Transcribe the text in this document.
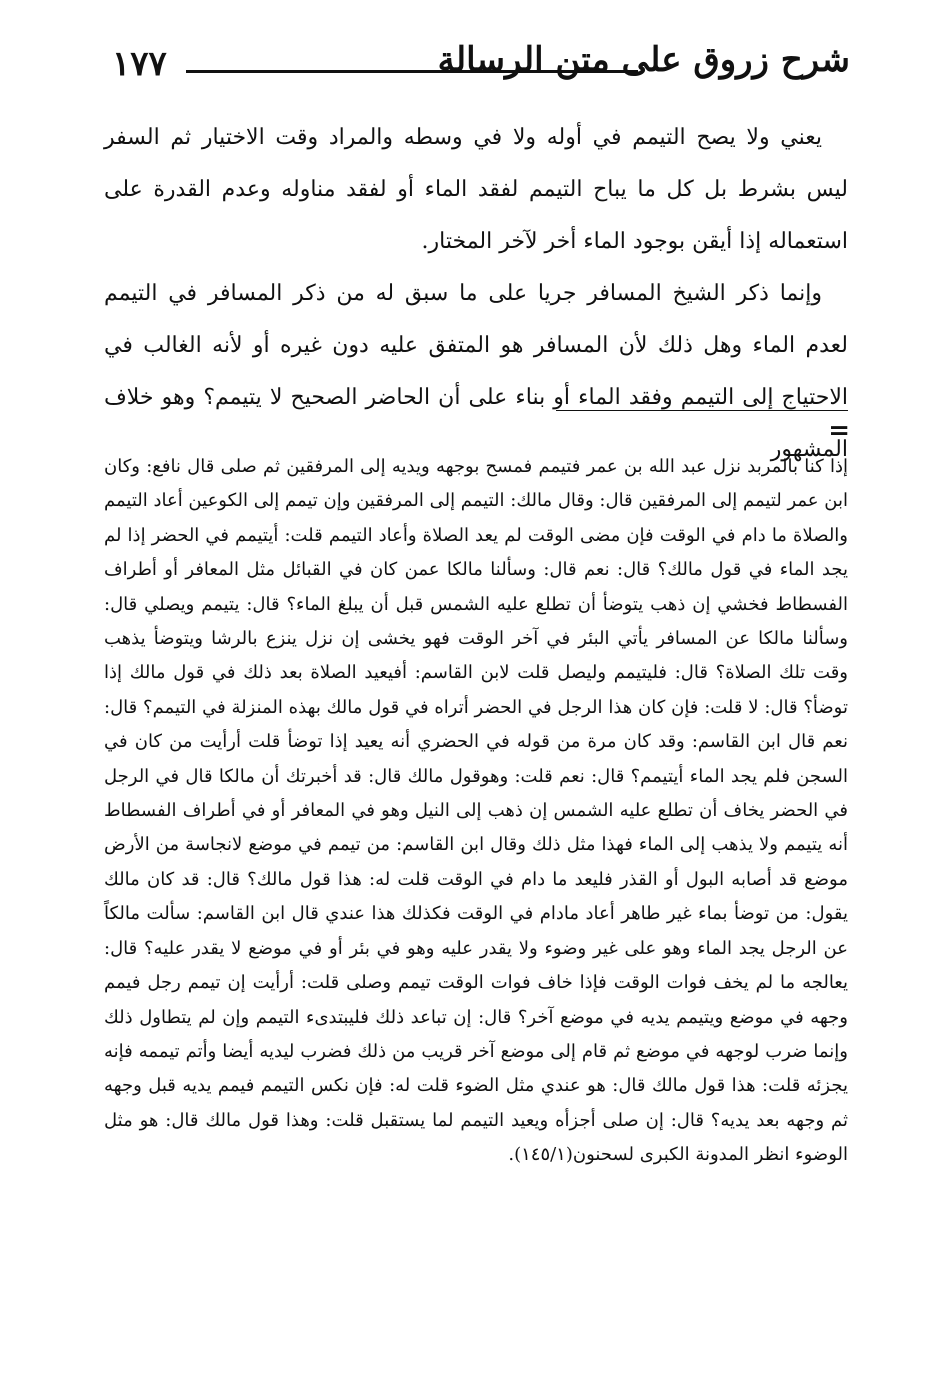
١٧٧	شرح زروق على متن الرسالة

يعني ولا يصح التيمم في أوله ولا في وسطه والمراد وقت الاختيار ثم السفر ليس بشرط بل كل ما يباح التيمم لفقد الماء أو لفقد مناوله وعدم القدرة على استعماله إذا أيقن بوجود الماء أخر لآخر المختار.

وإنما ذكر الشيخ المسافر جريا على ما سبق له من ذكر المسافر في التيمم لعدم الماء وهل ذلك لأن المسافر هو المتفق عليه دون غيره أو لأنه الغالب في الاحتياج إلى التيمم وفقد الماء أو بناء على أن الحاضر الصحيح لا يتيمم؟ وهو خلاف المشهور

=

إذا كنا بالمربد نزل عبد الله بن عمر فتيمم فمسح بوجهه ويديه إلى المرفقين ثم صلى قال نافع: وكان ابن عمر لتيمم إلى المرفقين قال: وقال مالك: التيمم إلى المرفقين وإن تيمم إلى الكوعين أعاد التيمم والصلاة ما دام في الوقت فإن مضى الوقت لم يعد الصلاة وأعاد التيمم قلت: أيتيمم في الحضر إذا لم يجد الماء في قول مالك؟ قال: نعم قال: وسألنا مالكا عمن كان في القبائل مثل المعافر أو أطراف الفسطاط فخشي إن ذهب يتوضأ أن تطلع عليه الشمس قبل أن يبلغ الماء؟ قال: يتيمم ويصلي قال: وسألنا مالكا عن المسافر يأتي البئر في آخر الوقت فهو يخشى إن نزل ينزع بالرشا ويتوضأ يذهب وقت تلك الصلاة؟ قال: فليتيمم وليصل قلت لابن القاسم: أفيعيد الصلاة بعد ذلك في قول مالك إذا توضأ؟ قال: لا قلت: فإن كان هذا الرجل في الحضر أتراه في قول مالك بهذه المنزلة في التيمم؟ قال: نعم قال ابن القاسم: وقد كان مرة من قوله في الحضري أنه يعيد إذا توضأ قلت أرأيت من كان في السجن فلم يجد الماء أيتيمم؟ قال: نعم قلت: وهوقول مالك قال: قد أخبرتك أن مالكا قال في الرجل في الحضر يخاف أن تطلع عليه الشمس إن ذهب إلى النيل وهو في المعافر أو في أطراف الفسطاط أنه يتيمم ولا يذهب إلى الماء فهذا مثل ذلك وقال ابن القاسم: من تيمم في موضع لانجاسة من الأرض موضع قد أصابه البول أو القذر فليعد ما دام في الوقت قلت له: هذا قول مالك؟ قال: قد كان مالك يقول: من توضأ بماء غير طاهر أعاد مادام في الوقت فكذلك هذا عندي قال ابن القاسم: سألت مالكاً عن الرجل يجد الماء وهو على غير وضوء ولا يقدر عليه وهو في بئر أو في موضع لا يقدر عليه؟ قال: يعالجه ما لم يخف فوات الوقت فإذا خاف فوات الوقت تيمم وصلى قلت: أرأيت إن تيمم رجل فيمم وجهه في موضع ويتيمم يديه في موضع آخر؟ قال: إن تباعد ذلك فليبتدىء التيمم وإن لم يتطاول ذلك وإنما ضرب لوجهه في موضع ثم قام إلى موضع آخر قريب من ذلك فضرب ليديه أيضا وأتم تيممه فإنه يجزئه قلت: هذا قول مالك قال: هو عندي مثل الضوء قلت له: فإن نكس التيمم فيمم يديه قبل وجهه ثم وجهه بعد يديه؟ قال: إن صلى أجزأه ويعيد التيمم لما يستقبل قلت: وهذا قول مالك قال: هو مثل الوضوء انظر المدونة الكبرى لسحنون(١٤٥/١).
